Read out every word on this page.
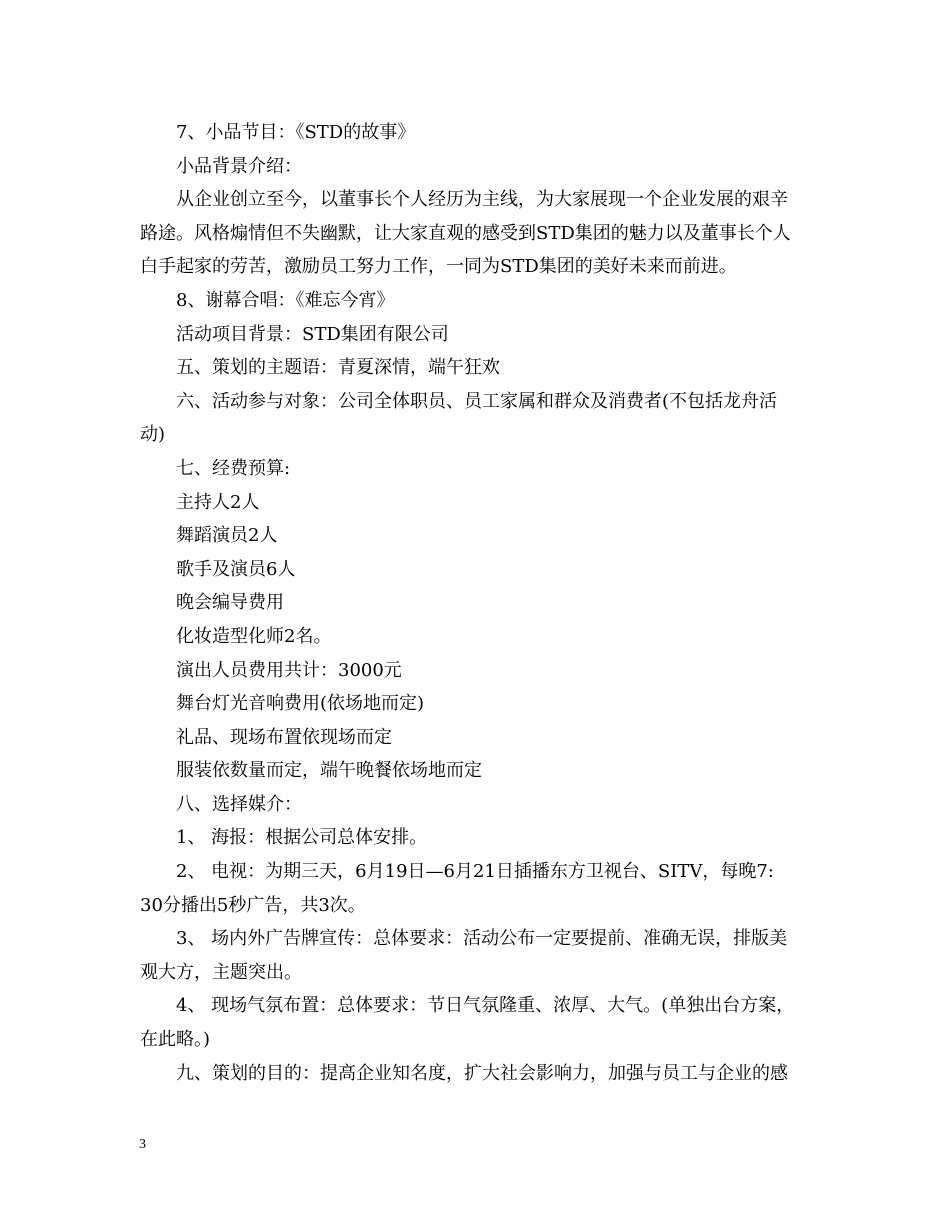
7、小品节目：《STD的故事》

小品背景介绍：

从企业创立至今，以董事长个人经历为主线，为大家展现一个企业发展的艰辛
路途。风格煽情但不失幽默，让大家直观的感受到STD集团的魅力以及董事长个人
白手起家的劳苦，激励员工努力工作，一同为STD集团的美好未来而前进。

8、谢幕合唱：《难忘今宵》

活动项目背景：STD集团有限公司

五、策划的主题语：青夏深情，端午狂欢

六、活动参与对象：公司全体职员、员工家属和群众及消费者(不包括龙舟活
动)

七、经费预算:

主持人2人

舞蹈演员2人

歌手及演员6人

晚会编导费用

化妆造型化师2名。

演出人员费用共计：3000元

舞台灯光音响费用(依场地而定)

礼品、现场布置依现场而定

服装依数量而定，端午晚餐依场地而定

八、选择媒介：

1、 海报：根据公司总体安排。

2、 电视：为期三天，6月19日—6月21日插播东方卫视台、SITV，每晚7:
30分播出5秒广告，共3次。

3、 场内外广告牌宣传：总体要求：活动公布一定要提前、准确无误，排版美
观大方，主题突出。

4、 现场气氛布置：总体要求：节日气氛隆重、浓厚、大气。(单独出台方案，
在此略。)

九、策划的目的：提高企业知名度，扩大社会影响力，加强与员工与企业的感

3
